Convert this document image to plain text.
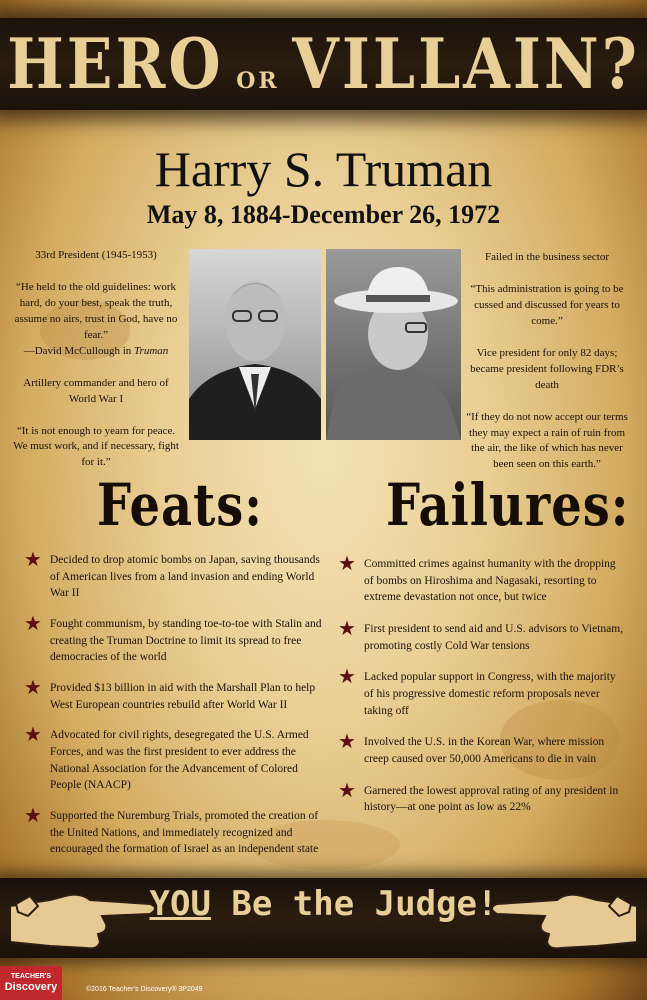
HERO OR VILLAIN?
Harry S. Truman
May 8, 1884-December 26, 1972

33rd President (1945-1953)

“He held to the old guidelines: work hard, do your best, speak the truth, assume no airs, trust in God, have no fear.”
—David McCullough in Truman

Artillery commander and hero of World War I

“It is not enough to yearn for peace. We must work, and if necessary, fight for it.”

Failed in the business sector

“This administration is going to be cussed and discussed for years to come.”

Vice president for only 82 days; became president following FDR’s death

“If they do not now accept our terms they may expect a rain of ruin from the air, the like of which has never been seen on this earth.”

Feats:	Failures:
★ Decided to drop atomic bombs on Japan, saving thousands of American lives from a land invasion and ending World War II
★ Fought communism, by standing toe-to-toe with Stalin and creating the Truman Doctrine to limit its spread to free democracies of the world
★ Provided $13 billion in aid with the Marshall Plan to help West European countries rebuild after World War II
★ Advocated for civil rights, desegregated the U.S. Armed Forces, and was the first president to ever address the National Association for the Advancement of Colored People (NAACP)
★ Supported the Nuremburg Trials, promoted the creation of the United Nations, and immediately recognized and encouraged the formation of Israel as an independent state
★ Committed crimes against humanity with the dropping of bombs on Hiroshima and Nagasaki, resorting to extreme devastation not once, but twice
★ First president to send aid and U.S. advisors to Vietnam, promoting costly Cold War tensions
★ Lacked popular support in Congress, with the majority of his progressive domestic reform proposals never taking off
★ Involved the U.S. in the Korean War, where mission creep caused over 50,000 Americans to die in vain
★ Garnered the lowest approval rating of any president in history—at one point as low as 22%
YOU Be the Judge!
TEACHER'S
Discovery	©2016 Teacher’s Discovery® 3P2049
